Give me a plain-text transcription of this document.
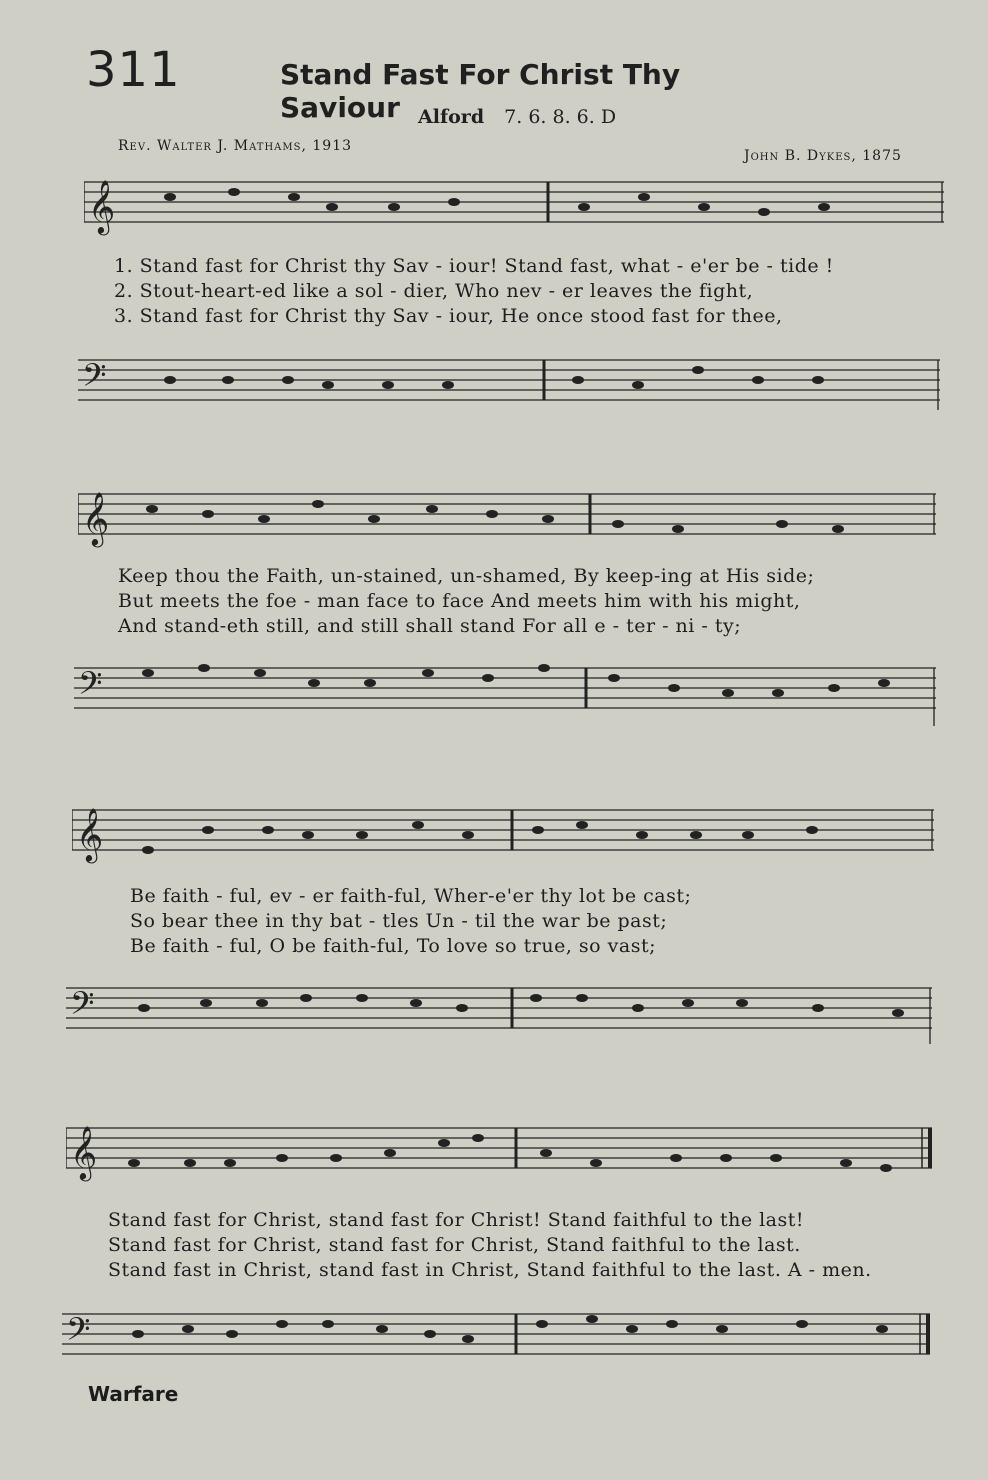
311	Stand Fast For Christ Thy Saviour Alford 7. 6. 8. 6. D
Rev. Walter J. Mathams, 1913
John B. Dykes, 1875
𝄞
1. Stand fast for Christ thy Sav - iour! Stand fast, what - e'er be - tide !
2. Stout-heart-ed like a sol - dier, Who nev - er leaves the fight,
3. Stand fast for Christ thy Sav - iour, He once stood fast for thee,
𝄢
𝄞
Keep thou the Faith, un-stained, un-shamed, By keep-ing at His side;
But meets the foe - man face to face And meets him with his might,
And stand-eth still, and still shall stand For all e - ter - ni - ty;
𝄢
𝄞
Be faith - ful, ev - er faith-ful, Wher-e'er thy lot be cast;
So bear thee in thy bat - tles Un - til the war be past;
Be faith - ful, O be faith-ful, To love so true, so vast;
𝄢
𝄞
Stand fast for Christ, stand fast for Christ! Stand faithful to the last!
Stand fast for Christ, stand fast for Christ, Stand faithful to the last.
Stand fast in Christ, stand fast in Christ, Stand faithful to the last. A - men.
𝄢
Warfare
